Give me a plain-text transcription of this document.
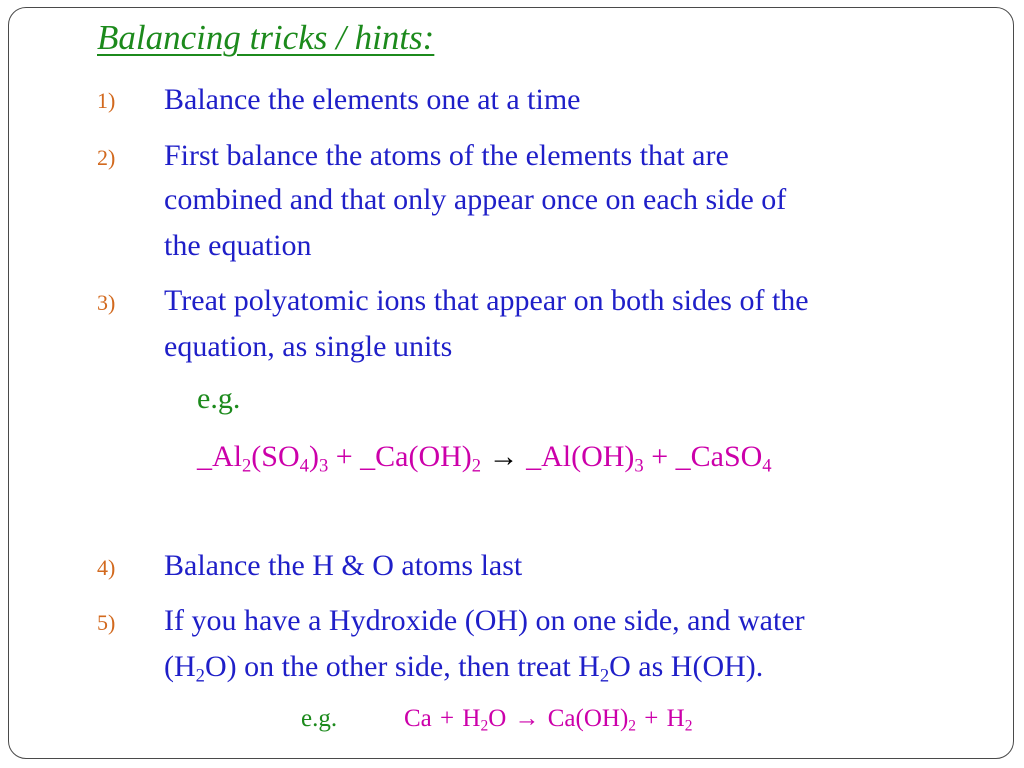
Balancing tricks / hints:
1) Balance the elements one at a time
2) First balance the atoms of the elements that are
combined and that only appear once on each side of
the equation
3) Treat polyatomic ions that appear on both sides of the
equation, as single units
e.g.
$\_Al_2(SO_4)_3$ + $\_Ca(OH)_2$ → $\_Al(OH)_3$ + _CaSO$_4$
4) Balance the H & O atoms last
5) If you have a Hydroxide (OH) on one side, and water
$(H_2O)$ on the other side, then treat $H_2O$ as H(OH).
e.g.	$Ca + H_2O \to Ca(OH)_2 + H_2$
